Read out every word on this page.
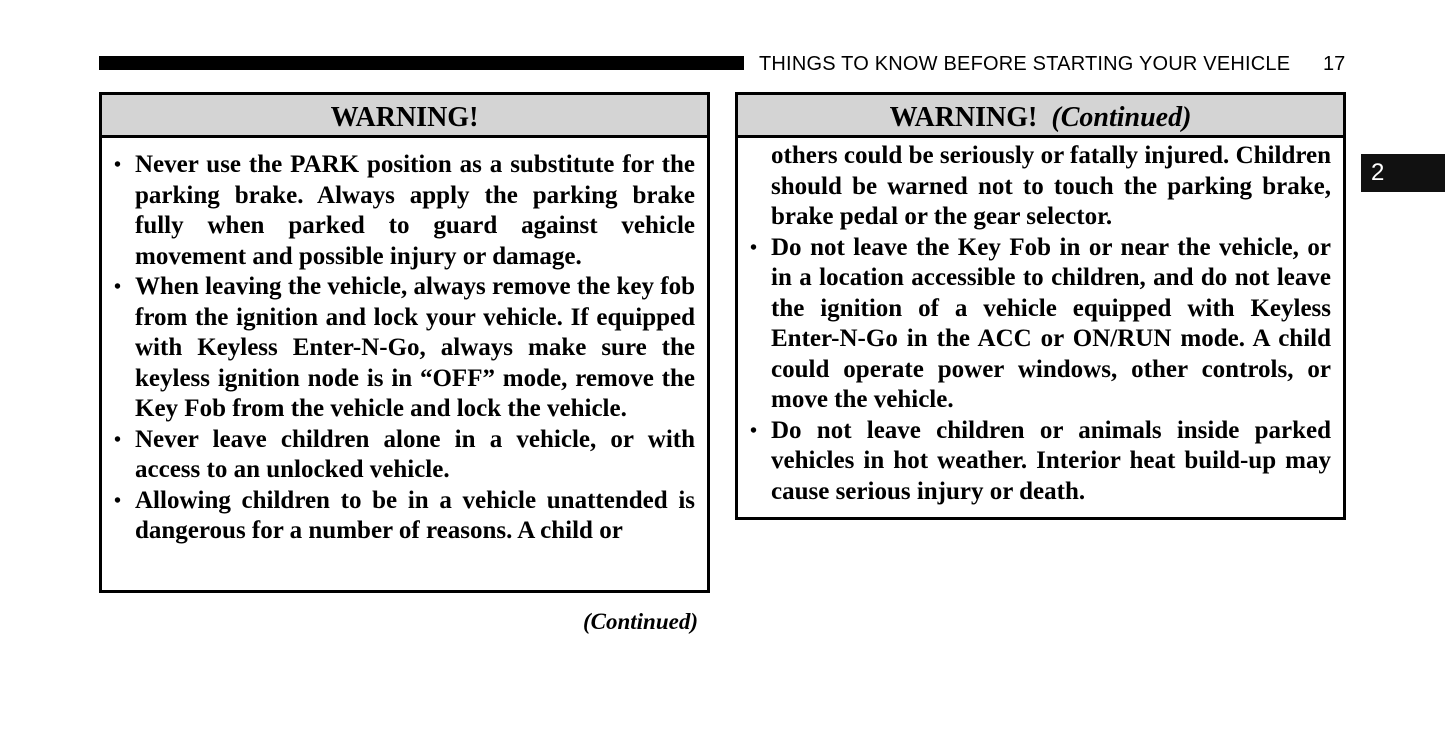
THINGS TO KNOW BEFORE STARTING YOUR VEHICLE 17
2
WARNING!
• Never use the PARK position as a substitute for the parking brake. Always apply the parking brake fully when parked to guard against vehicle movement and possible injury or damage.
• When leaving the vehicle, always remove the key fob from the ignition and lock your vehicle. If equipped with Keyless Enter-N-Go, always make sure the keyless ignition node is in “OFF” mode, remove the Key Fob from the vehicle and lock the vehicle.
• Never leave children alone in a vehicle, or with access to an unlocked vehicle.
• Allowing children to be in a vehicle unattended is dangerous for a number of reasons. A child or
(Continued)
WARNING! (Continued)
others could be seriously or fatally injured. Children should be warned not to touch the parking brake, brake pedal or the gear selector.
• Do not leave the Key Fob in or near the vehicle, or in a location accessible to children, and do not leave the ignition of a vehicle equipped with Keyless Enter-N-Go in the ACC or ON/RUN mode. A child could operate power windows, other controls, or move the vehicle.
• Do not leave children or animals inside parked vehicles in hot weather. Interior heat build-up may cause serious injury or death.
